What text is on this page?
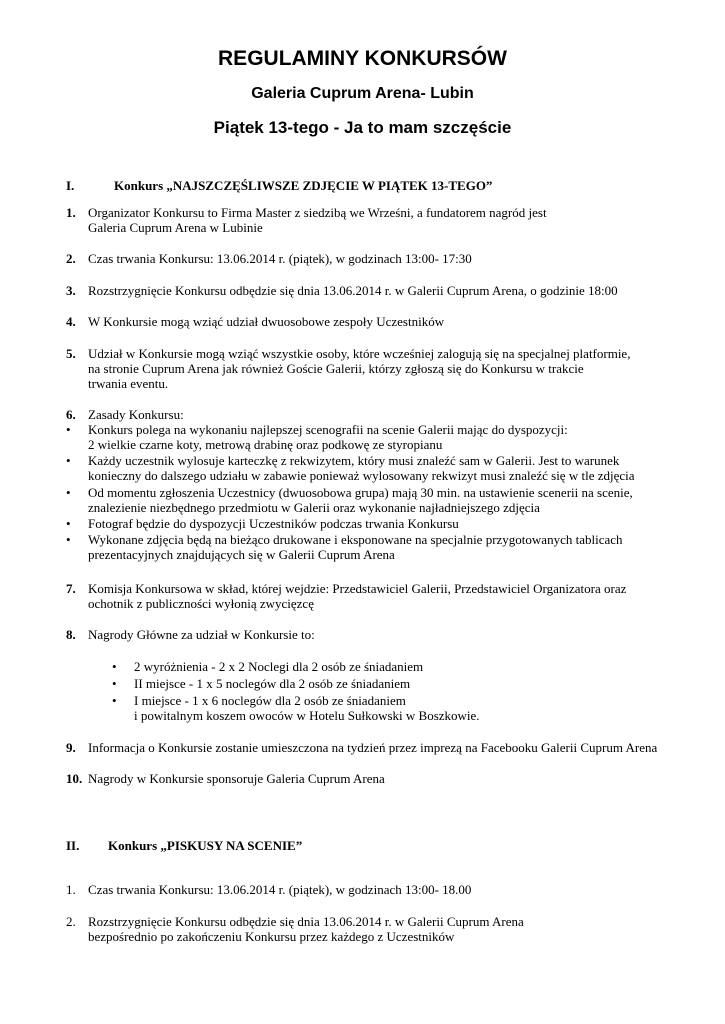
REGULAMINY KONKURSÓW
Galeria Cuprum Arena- Lubin
Piątek 13-tego - Ja to mam szczęście
I.	Konkurs „NAJSZCZĘŚLIWSZE ZDJĘCIE W PIĄTEK 13-TEGO”
1. Organizator Konkursu to Firma Master z siedzibą we Wrześni, a fundatorem nagród jest
Galeria Cuprum Arena w Lubinie
2. Czas trwania Konkursu: 13.06.2014 r. (piątek), w godzinach 13:00- 17:30
3. Rozstrzygnięcie Konkursu odbędzie się dnia 13.06.2014 r. w Galerii Cuprum Arena, o godzinie 18:00
4. W Konkursie mogą wziąć udział dwuosobowe zespoły Uczestników
5. Udział w Konkursie mogą wziąć wszystkie osoby, które wcześniej zalogują się na specjalnej platformie,
na stronie Cuprum Arena jak również Goście Galerii, którzy zgłoszą się do Konkursu w trakcie
trwania eventu.
6. Zasady Konkursu:
• Konkurs polega na wykonaniu najlepszej scenografii na scenie Galerii mając do dyspozycji:
2 wielkie czarne koty, metrową drabinę oraz podkowę ze styropianu
• Każdy uczestnik wylosuje karteczkę z rekwizytem, który musi znaleźć sam w Galerii. Jest to warunek
konieczny do dalszego udziału w zabawie ponieważ wylosowany rekwizyt musi znaleźć się w tle zdjęcia
• Od momentu zgłoszenia Uczestnicy (dwuosobowa grupa) mają 30 min. na ustawienie scenerii na scenie,
znalezienie niezbędnego przedmiotu w Galerii oraz wykonanie najładniejszego zdjęcia
• Fotograf będzie do dyspozycji Uczestników podczas trwania Konkursu
• Wykonane zdjęcia będą na bieżąco drukowane i eksponowane na specjalnie przygotowanych tablicach
prezentacyjnych znajdujących się w Galerii Cuprum Arena
7. Komisja Konkursowa w skład, której wejdzie: Przedstawiciel Galerii, Przedstawiciel Organizatora oraz
ochotnik z publiczności wyłonią zwycięzcę
8. Nagrody Główne za udział w Konkursie to:
• 2 wyróżnienia - 2 x 2 Noclegi dla 2 osób ze śniadaniem
• II miejsce - 1 x 5 noclegów dla 2 osób ze śniadaniem
• I miejsce - 1 x 6 noclegów dla 2 osób ze śniadaniem
i powitalnym koszem owoców w Hotelu Sułkowski w Boszkowie.
9. Informacja o Konkursie zostanie umieszczona na tydzień przez imprezą na Facebooku Galerii Cuprum Arena
10. Nagrody w Konkursie sponsoruje Galeria Cuprum Arena
II. Konkurs „PISKUSY NA SCENIE”
1. Czas trwania Konkursu: 13.06.2014 r. (piątek), w godzinach 13:00- 18.00
2. Rozstrzygnięcie Konkursu odbędzie się dnia 13.06.2014 r. w Galerii Cuprum Arena
bezpośrednio po zakończeniu Konkursu przez każdego z Uczestników
